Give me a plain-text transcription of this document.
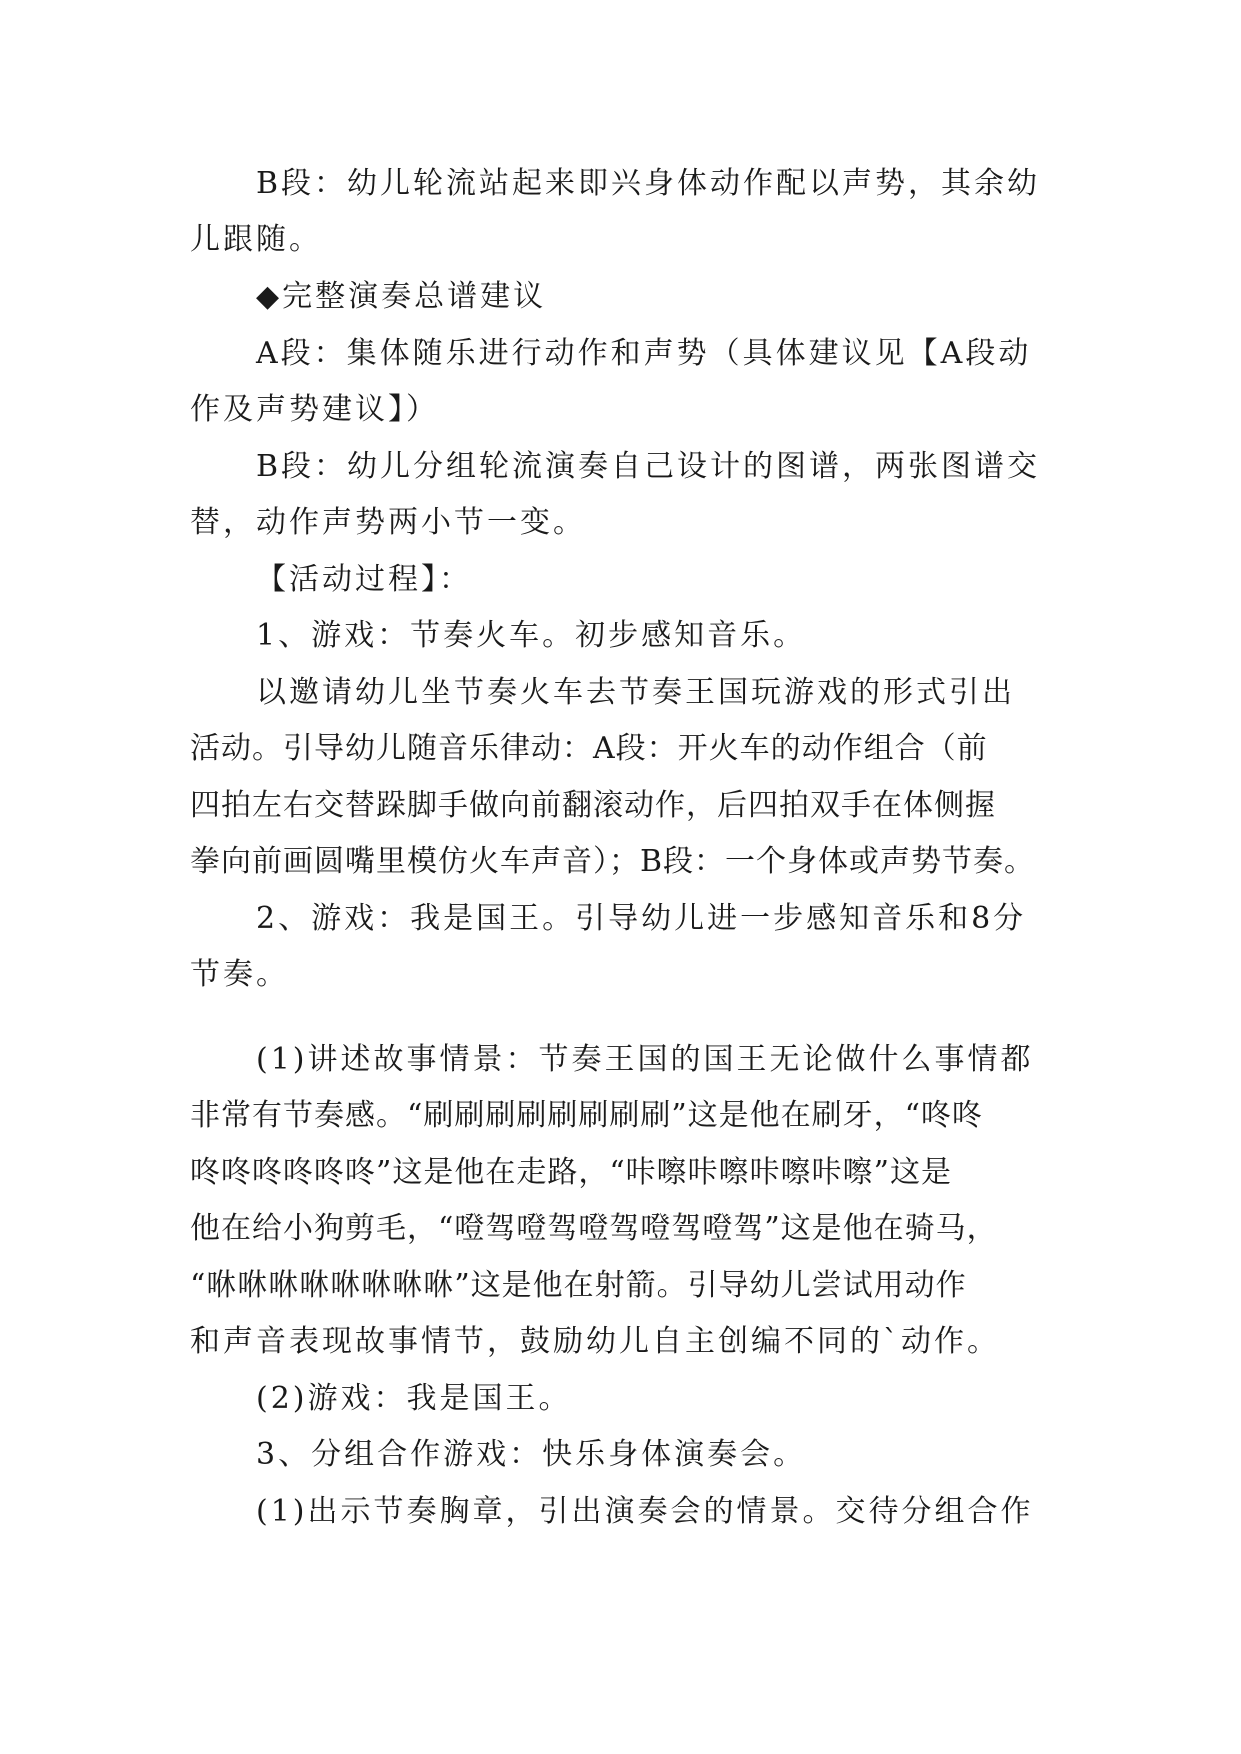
B段：幼儿轮流站起来即兴身体动作配以声势，其余幼
儿跟随。
◆完整演奏总谱建议
A段：集体随乐进行动作和声势（具体建议见【A段动
作及声势建议】）
B段：幼儿分组轮流演奏自己设计的图谱，两张图谱交
替，动作声势两小节一变。
【活动过程】：
1、游戏：节奏火车。初步感知音乐。
以邀请幼儿坐节奏火车去节奏王国玩游戏的形式引出
活动。引导幼儿随音乐律动：A段：开火车的动作组合（前
四拍左右交替跺脚手做向前翻滚动作，后四拍双手在体侧握
拳向前画圆嘴里模仿火车声音）；B段：一个身体或声势节奏。
2、游戏：我是国王。引导幼儿进一步感知音乐和8分
节奏。
(1)讲述故事情景：节奏王国的国王无论做什么事情都
非常有节奏感。“刷刷刷刷刷刷刷刷”这是他在刷牙，“咚咚
咚咚咚咚咚咚”这是他在走路，“咔嚓咔嚓咔嚓咔嚓”这是
他在给小狗剪毛，“噔驾噔驾噔驾噔驾噔驾”这是他在骑马，
“咻咻咻咻咻咻咻咻”这是他在射箭。引导幼儿尝试用动作
和声音表现故事情节，鼓励幼儿自主创编不同的`动作。
(2)游戏：我是国王。
3、分组合作游戏：快乐身体演奏会。
(1)出示节奏胸章，引出演奏会的情景。交待分组合作
